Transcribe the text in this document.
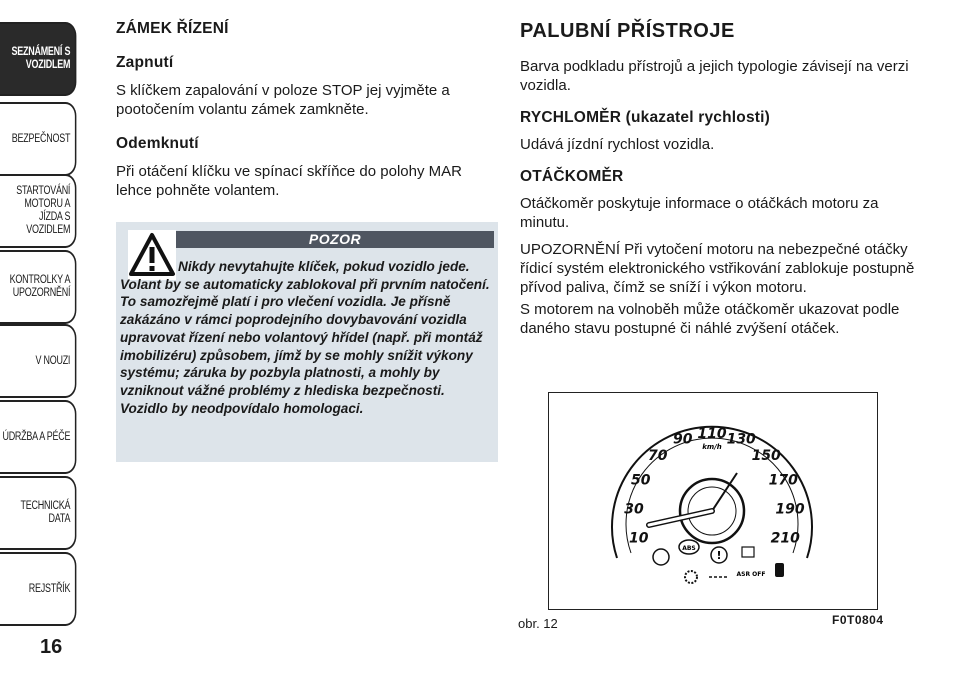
SEZNÁMENÍ S VOZIDLEM
BEZPEČNOST
STARTOVÁNÍ MOTORU A JÍZDA S VOZIDLEM
KONTROLKY A UPOZORNĚNÍ
V NOUZI
ÚDRŽBA A PÉČE
TECHNICKÁ DATA
REJSTŘÍK
16
ZÁMEK ŘÍZENÍ
Zapnutí

S klíčkem zapalování v poloze STOP jej vyjměte a pootočením volantu zámek zamkněte.

Odemknutí

Při otáčení klíčku ve spínací skříňce do polohy MAR lehce pohněte volantem.

POZOR
Nikdy nevytahujte klíček, pokud vozidlo jede. Volant by se automaticky zablokoval při prvním natočení. To samozřejmě platí i pro vlečení vozidla. Je přísně zakázáno v rámci poprodejního dovybavování vozidla upravovat řízení nebo volantový hřídel (např. při montáž imobilizéru) způsobem, jímž by se mohly snížit výkony systému; záruka by pozbyla platnosti, a mohly by vzniknout vážné problémy z hlediska bezpečnosti. Vozidlo by neodpovídalo homologaci.
PALUBNÍ PŘÍSTROJE

Barva podkladu přístrojů a jejich typologie závisejí na verzi vozidla.

RYCHLOMĚR (ukazatel rychlosti)

Udává jízdní rychlost vozidla.

OTÁČKOMĚR

Otáčkoměr poskytuje informace o otáčkách motoru za minutu.

UPOZORNĚNÍ Při vytočení motoru na nebezpečné otáčky řídicí systém elektronického vstřikování zablokuje postupně přívod paliva, čímž se sníží i výkon motoru.

S motorem na volnoběh může otáčkoměr ukazovat podle daného stavu postupné či náhlé zvýšení otáček.

10
30
50
70
90 110 130
150
170
190
210
km/h
ABS
!
ASR OFF
obr. 12	F0T0804
